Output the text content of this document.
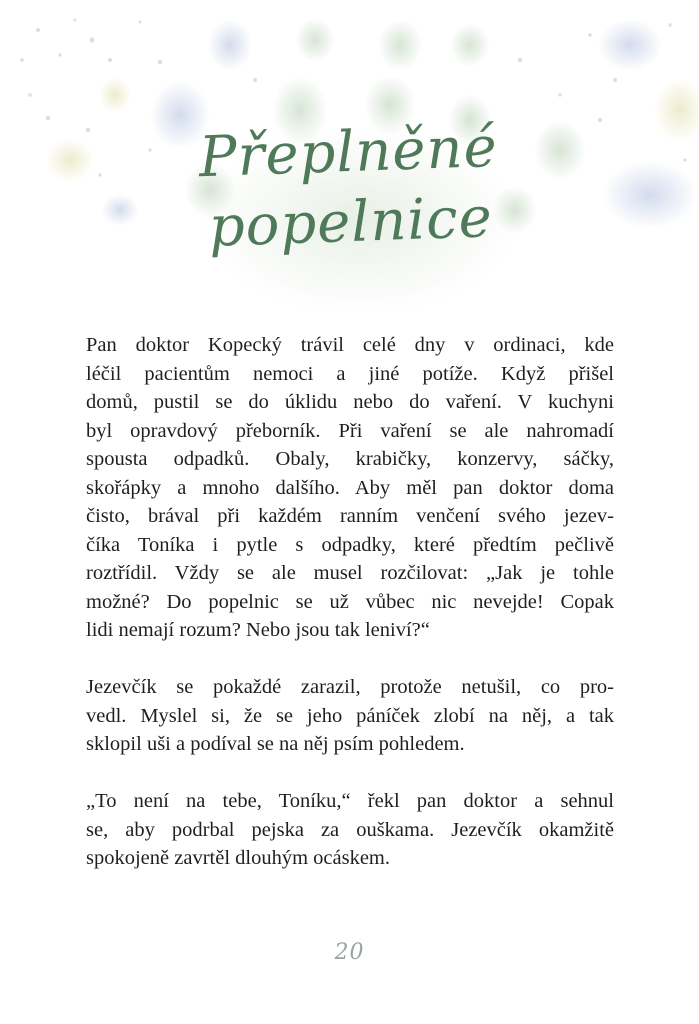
Přeplněné
popelnice

Pan doktor Kopecký trávil celé dny v ordinaci, kde
léčil pacientům nemoci a jiné potíže. Když přišel
domů, pustil se do úklidu nebo do vaření. V kuchyni
byl opravdový přeborník. Při vaření se ale nahromadí
spousta odpadků. Obaly, krabičky, konzervy, sáčky,
skořápky a mnoho dalšího. Aby měl pan doktor doma
čisto, brával při každém ranním venčení svého jezev-
číka Toníka i pytle s odpadky, které předtím pečlivě
roztřídil. Vždy se ale musel rozčilovat: „Jak je tohle
možné? Do popelnic se už vůbec nic nevejde! Copak
lidi nemají rozum? Nebo jsou tak leniví?“

Jezevčík se pokaždé zarazil, protože netušil, co pro-
vedl. Myslel si, že se jeho páníček zlobí na něj, a tak
sklopil uši a podíval se na něj psím pohledem.

„To není na tebe, Toníku,“ řekl pan doktor a sehnul
se, aby podrbal pejska za ouškama. Jezevčík okamžitě
spokojeně zavrtěl dlouhým ocáskem.

20
